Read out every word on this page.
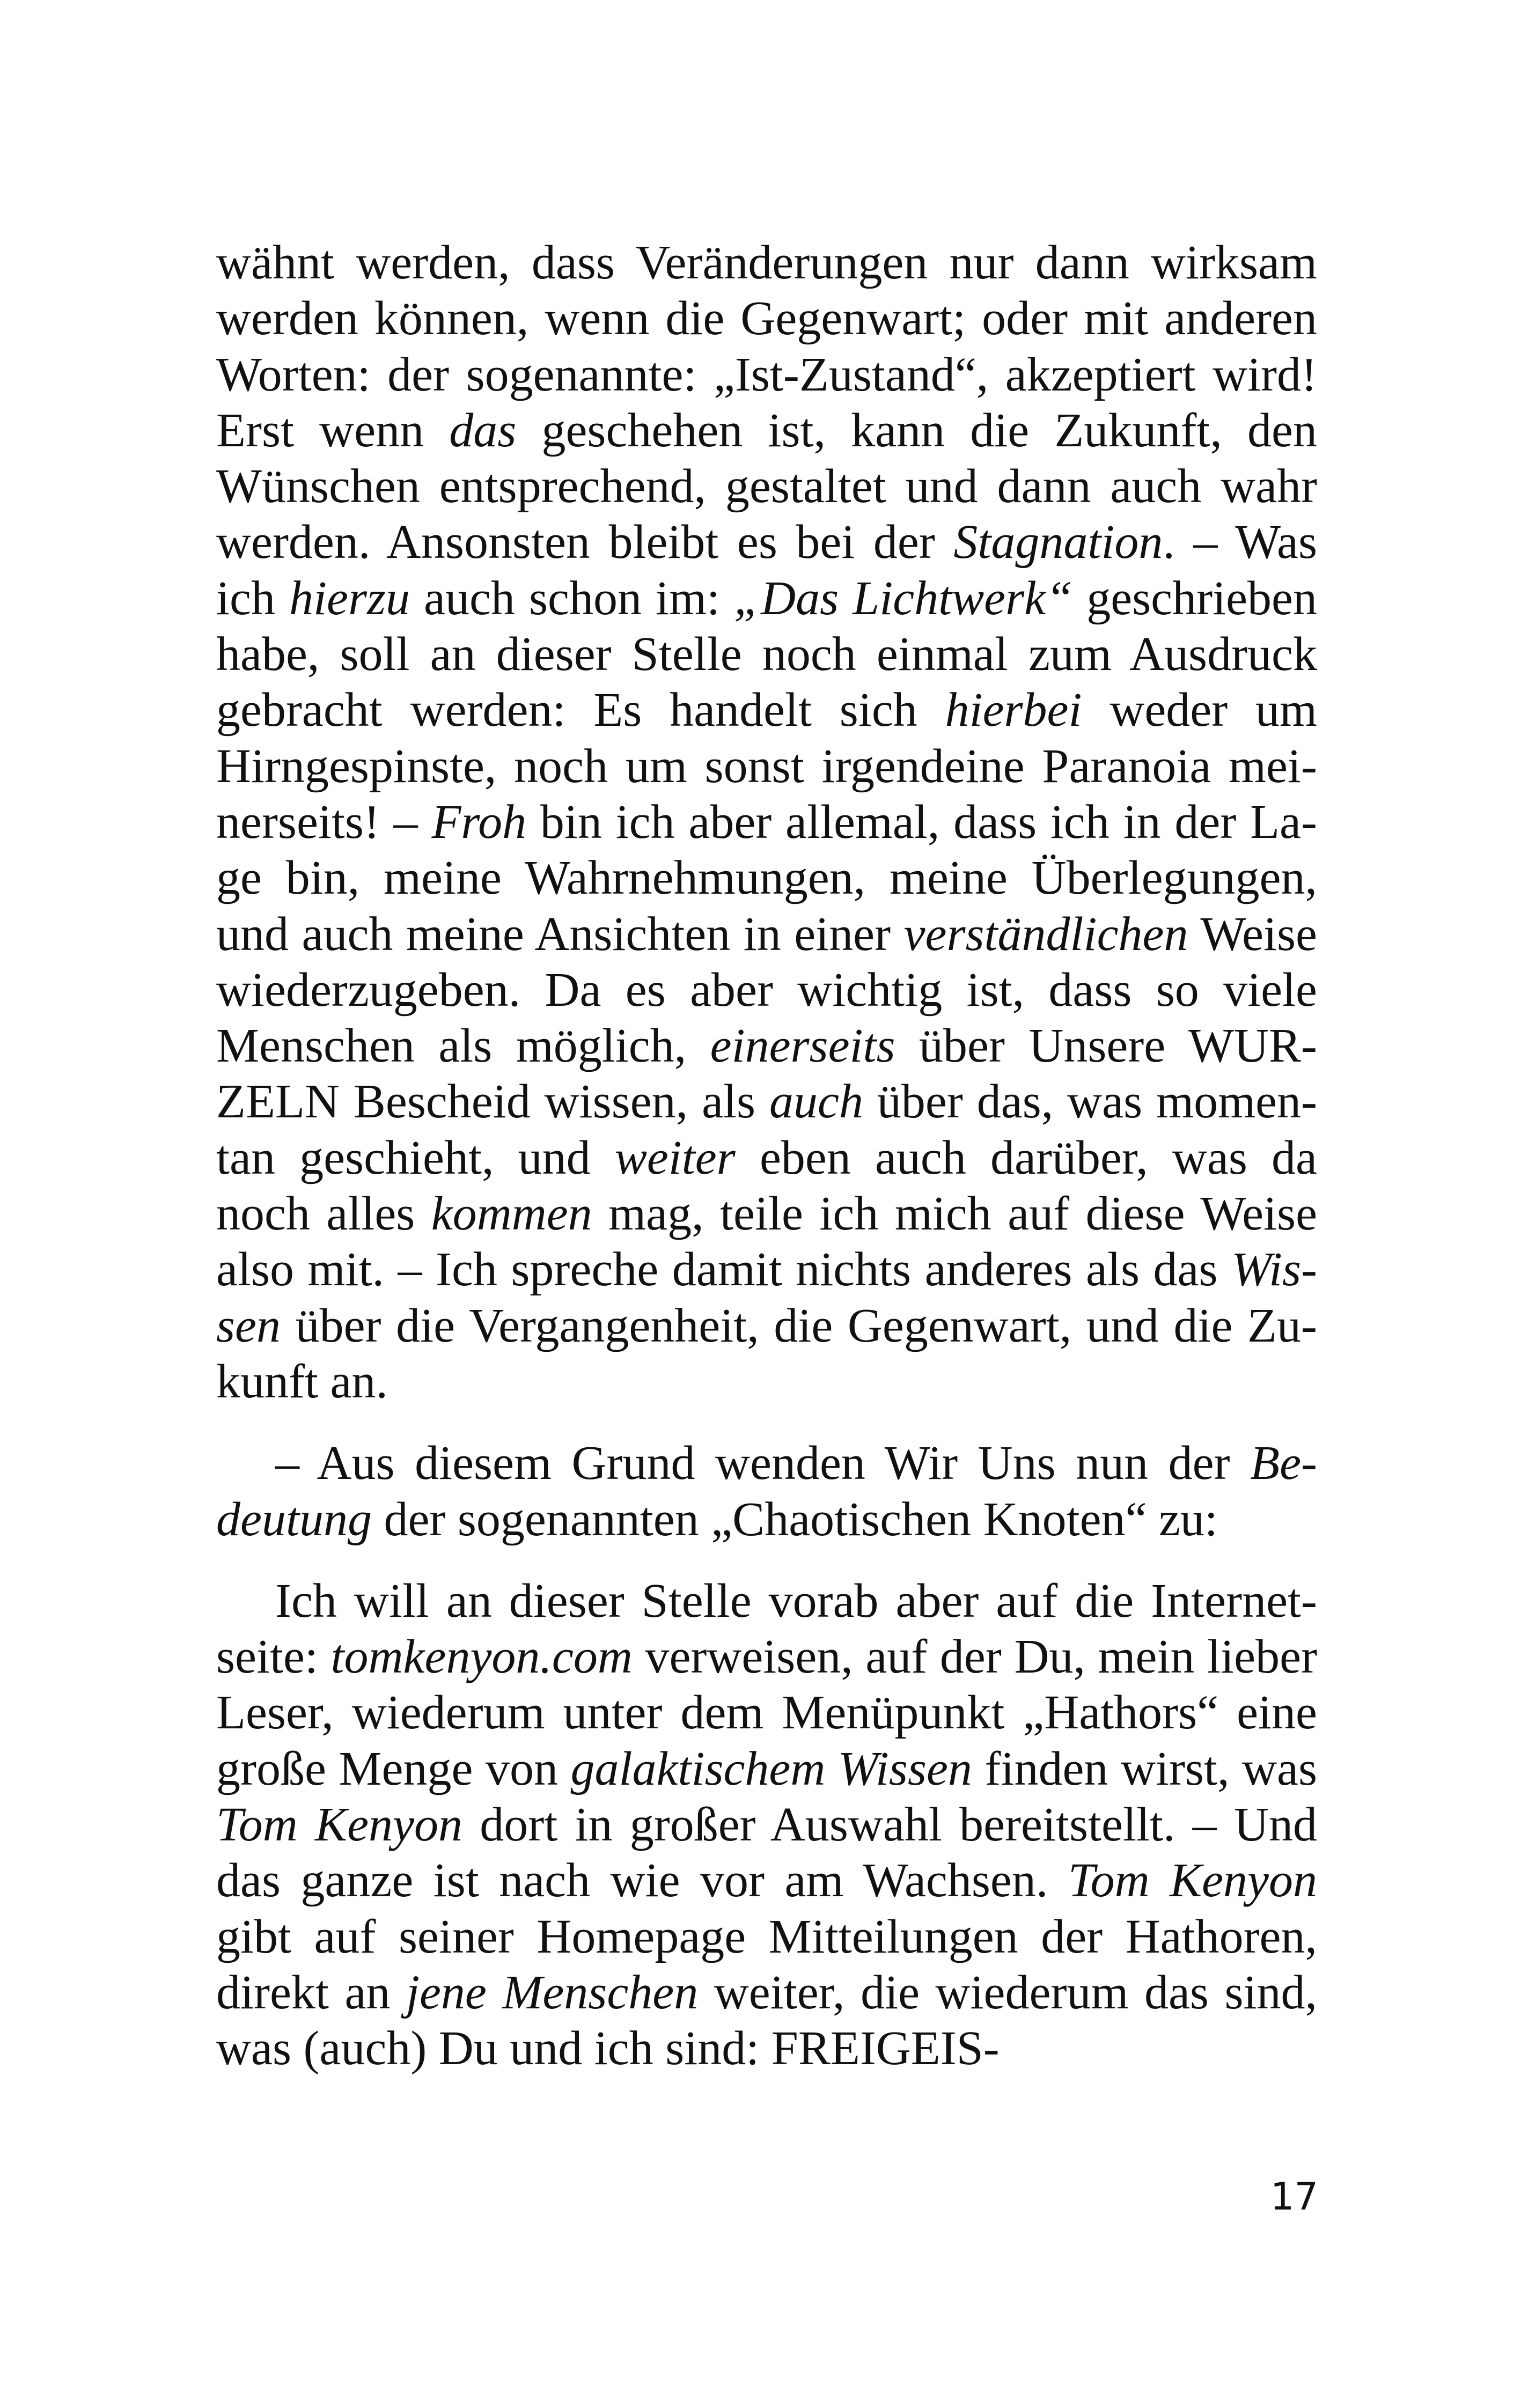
wähnt werden, dass Veränderungen nur dann wirksam werden können, wenn die Gegenwart; oder mit anderen Worten: der sogenannte: „Ist-Zustand“, akzeptiert wird! Erst wenn das geschehen ist, kann die Zukunft, den Wünschen entsprechend, gestaltet und dann auch wahr werden. Ansonsten bleibt es bei der Stagnation. – Was ich hierzu auch schon im: „Das Lichtwerk“ geschrieben habe, soll an dieser Stelle noch einmal zum Ausdruck gebracht werden: Es handelt sich hierbei weder um Hirngespinste, noch um sonst irgendeine Paranoia meinerseits! – Froh bin ich aber allemal, dass ich in der Lage bin, meine Wahrnehmungen, meine Überlegungen, und auch meine Ansichten in einer verständlichen Weise wiederzugeben. Da es aber wichtig ist, dass so viele Menschen als möglich, einerseits über Unsere WURZELN Bescheid wissen, als auch über das, was momentan geschieht, und weiter eben auch darüber, was da noch alles kommen mag, teile ich mich auf diese Weise also mit. – Ich spreche damit nichts anderes als das Wissen über die Vergangenheit, die Gegenwart, und die Zukunft an.

– Aus diesem Grund wenden Wir Uns nun der Bedeutung der sogenannten „Chaotischen Knoten“ zu:

Ich will an dieser Stelle vorab aber auf die Internetseite: tomkenyon.com verweisen, auf der Du, mein lieber Leser, wiederum unter dem Menüpunkt „Hathors“ eine große Menge von galaktischem Wissen finden wirst, was Tom Kenyon dort in großer Auswahl bereitstellt. – Und das ganze ist nach wie vor am Wachsen. Tom Kenyon gibt auf seiner Homepage Mitteilungen der Hathoren, direkt an jene Menschen weiter, die wiederum das sind, was (auch) Du und ich sind: FREIGEIS-

17
